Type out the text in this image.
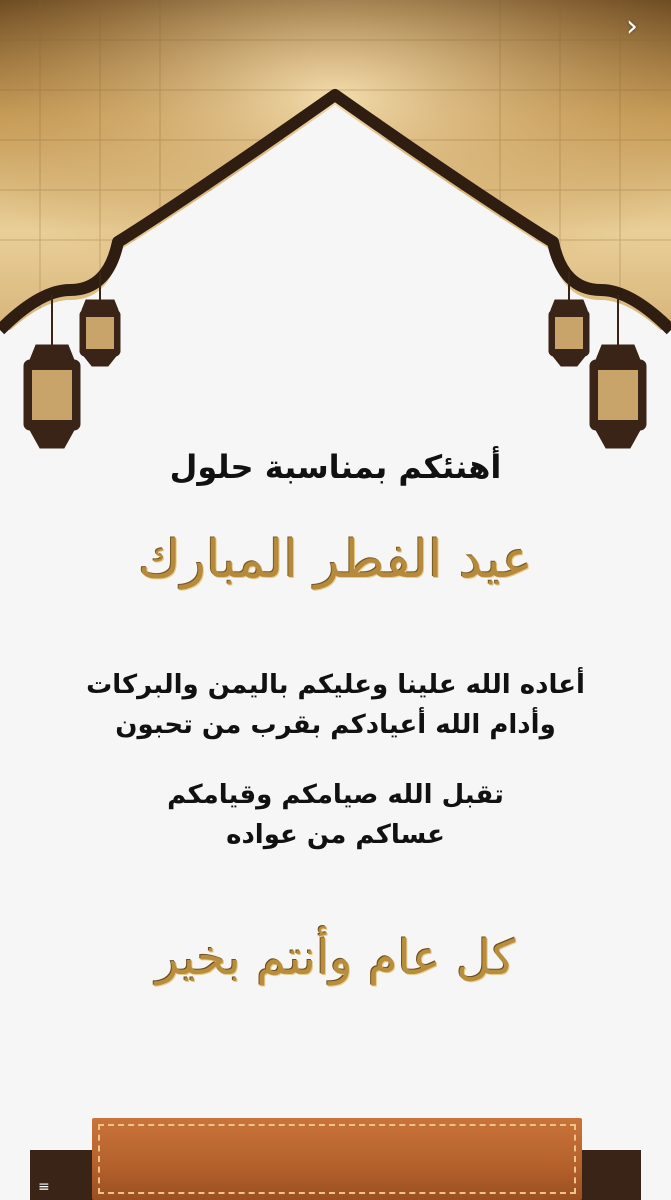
›
أهنئكم بمناسبة حلول
عيد الفطر المبارك
أعاده الله علينا وعليكم باليمن والبركات
وأدام الله أعيادكم بقرب من تحبون
تقبل الله صيامكم وقيامكم
عساكم من عواده
كل عام وأنتم بخير
≡
